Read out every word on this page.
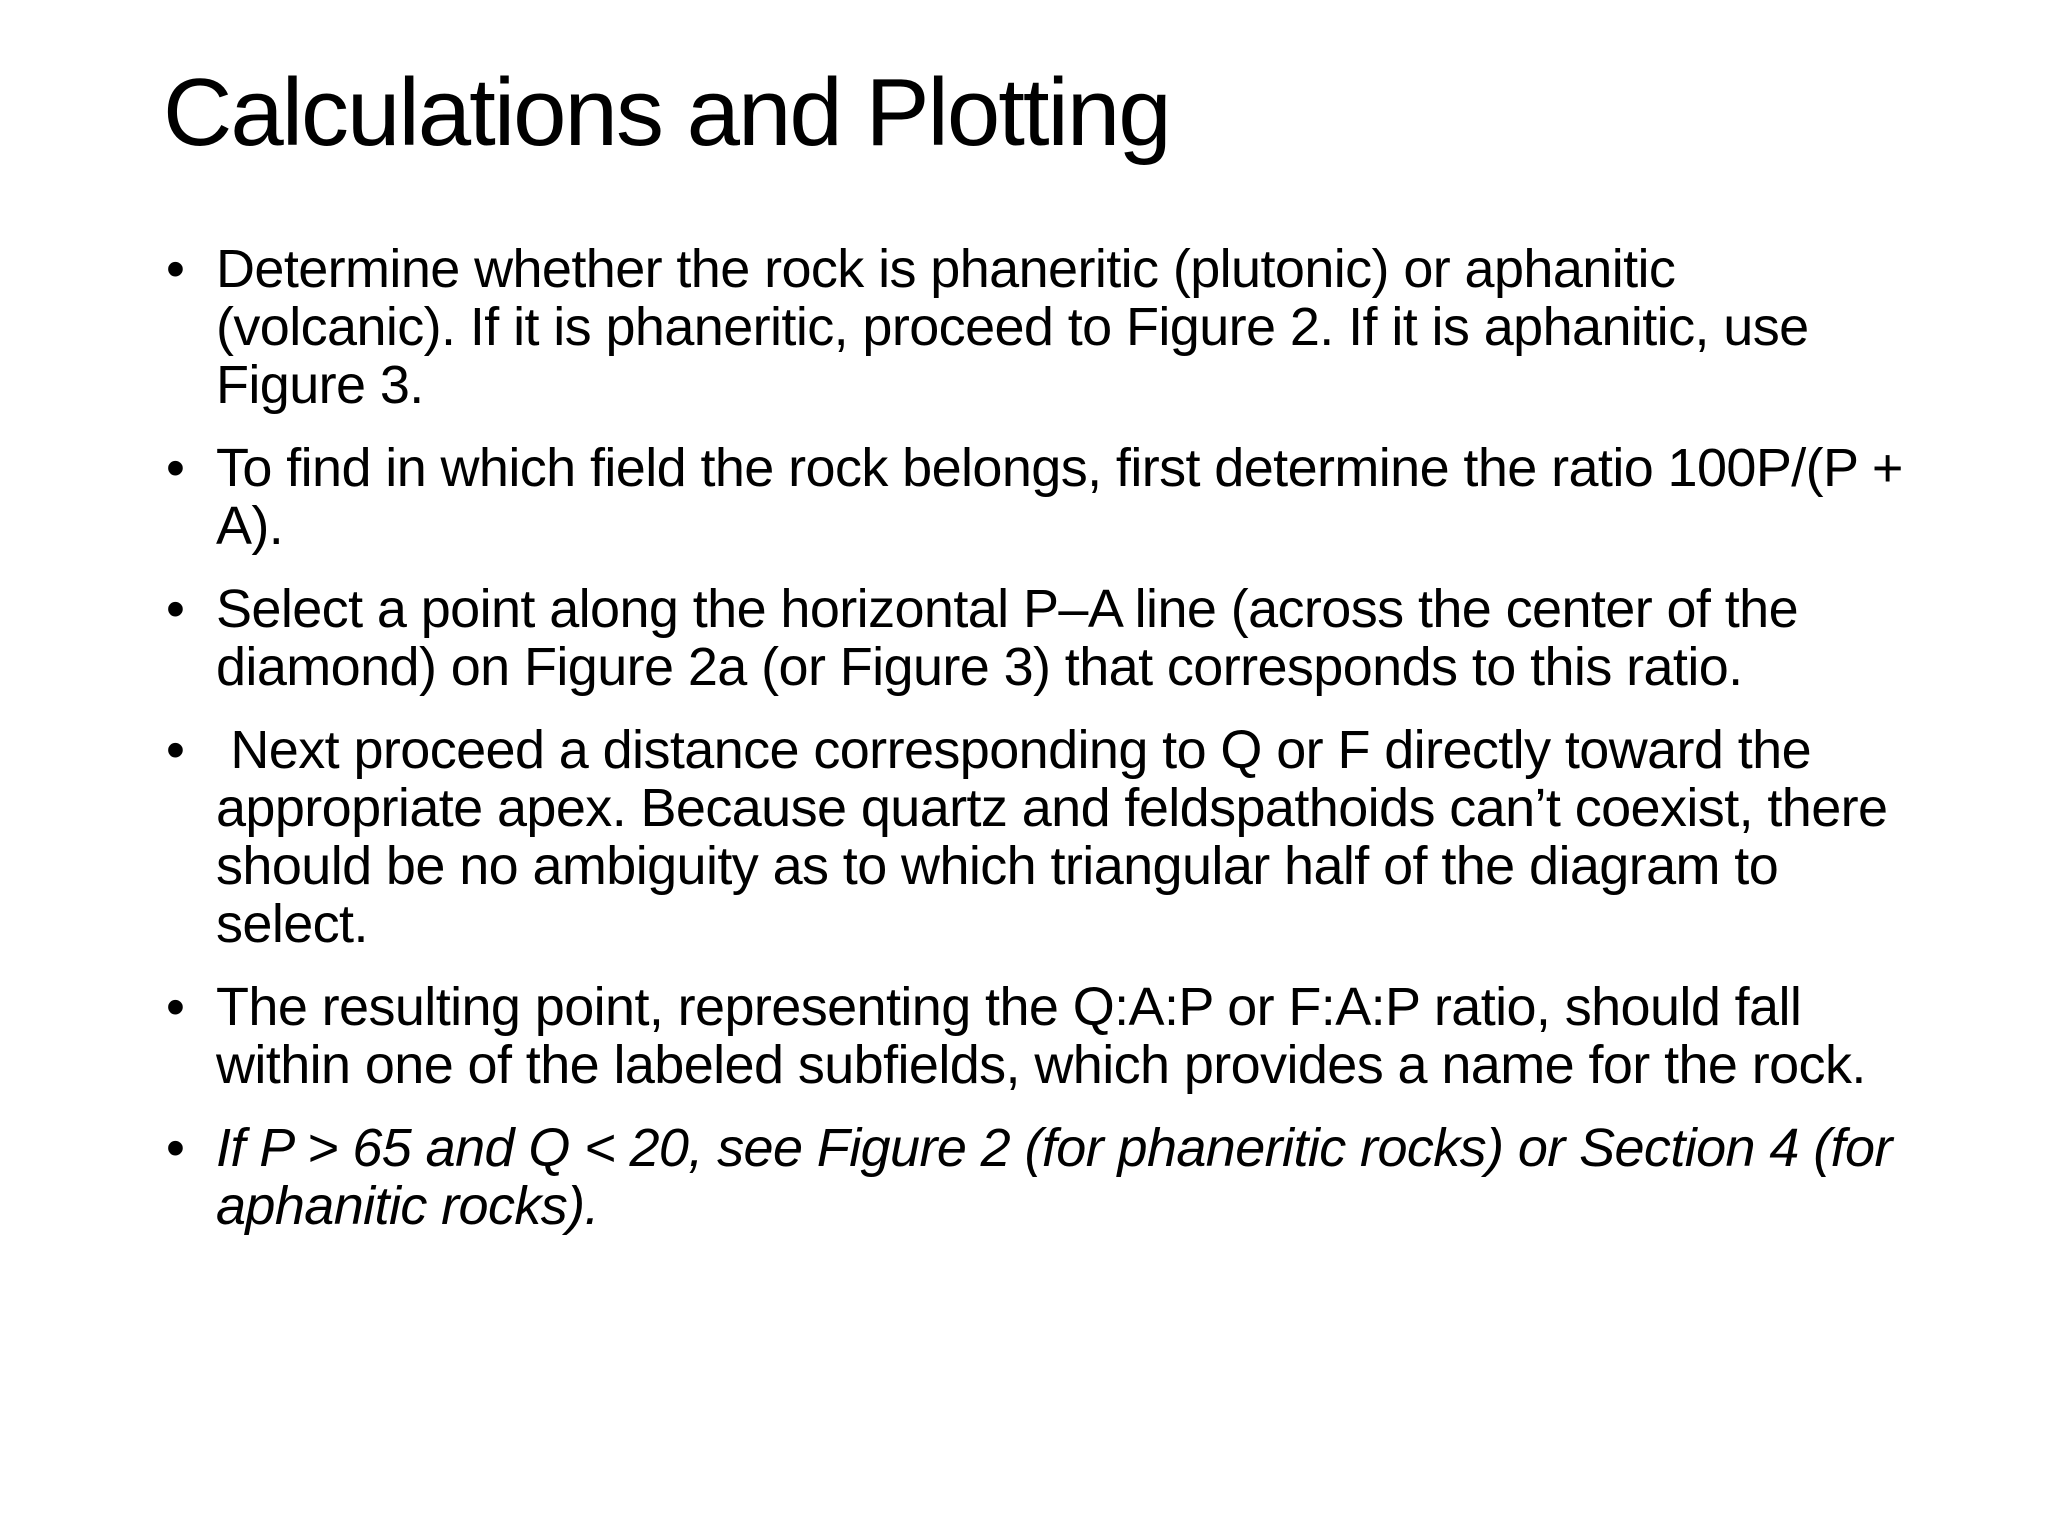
Calculations and Plotting
• Determine whether the rock is phaneritic (plutonic) or aphanitic (volcanic). If it is phaneritic, proceed to Figure 2. If it is aphanitic, use Figure 3.
• To find in which field the rock belongs, first determine the ratio 100P/(P + A).
• Select a point along the horizontal P–A line (across the center of the diamond) on Figure 2a (or Figure 3) that corresponds to this ratio.
• Next proceed a distance corresponding to Q or F directly toward the appropriate apex. Because quartz and feldspathoids can’t coexist, there should be no ambiguity as to which triangular half of the diagram to select.
• The resulting point, representing the Q:A:P or F:A:P ratio, should fall within one of the labeled subfields, which provides a name for the rock.
• If P > 65 and Q < 20, see Figure 2 (for phaneritic rocks) or Section 4 (for aphanitic rocks).
